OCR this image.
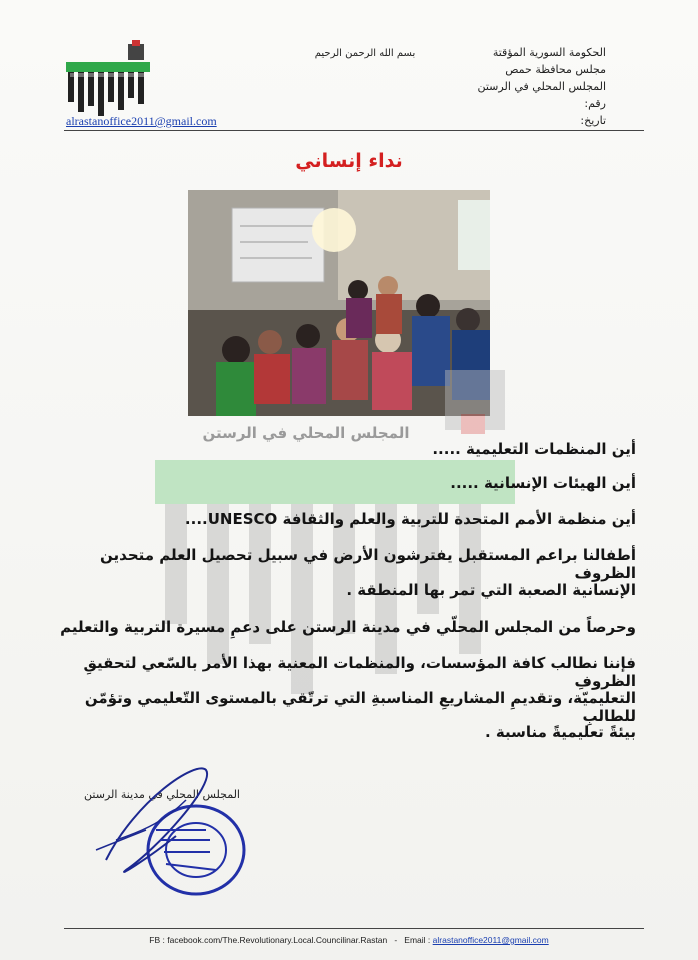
الحكومة السورية المؤقتة
مجلس محافظة حمص
المجلس المحلي في الرستن
رقم:
تاريخ:
بسم الله الرحمن الرحيم
alrastanoffice2011@gmail.com
نداء إنساني
المجلس المحلي في الرستن
أين المنظمات التعليمية .....
أين الهيئات الإنسانية .....
أين منظمة الأمم المتحدة للتربية والعلم والثقافة UNESCO....
أطفالنا براعم المستقبل يفترشون الأرض في سبيل تحصيل العلم متحدين الظروف
الإنسانية الصعبة التي تمر بها المنطقة .
وحرصاً من المجلس المحلّي في مدينة الرستن على دعمِ مسيرة التربية والتعليم
فإننا نطالب كافة المؤسسات، والمنظمات المعنية بهذا الأمر بالسّعي لتحقيقِ الظروفِ
التعليميّة، وتقديمِ المشاريعِ المناسبةِ التي ترتّقي بالمستوى التّعليمي وتؤمّن للطالبِ
بيئةً تعليميةً مناسبة .
المجلس المحلي في مدينة الرستن
FB : facebook.com/The.Revolutionary.Local.Councilinar.Rastan - Email : alrastanoffice2011@gmail.com
